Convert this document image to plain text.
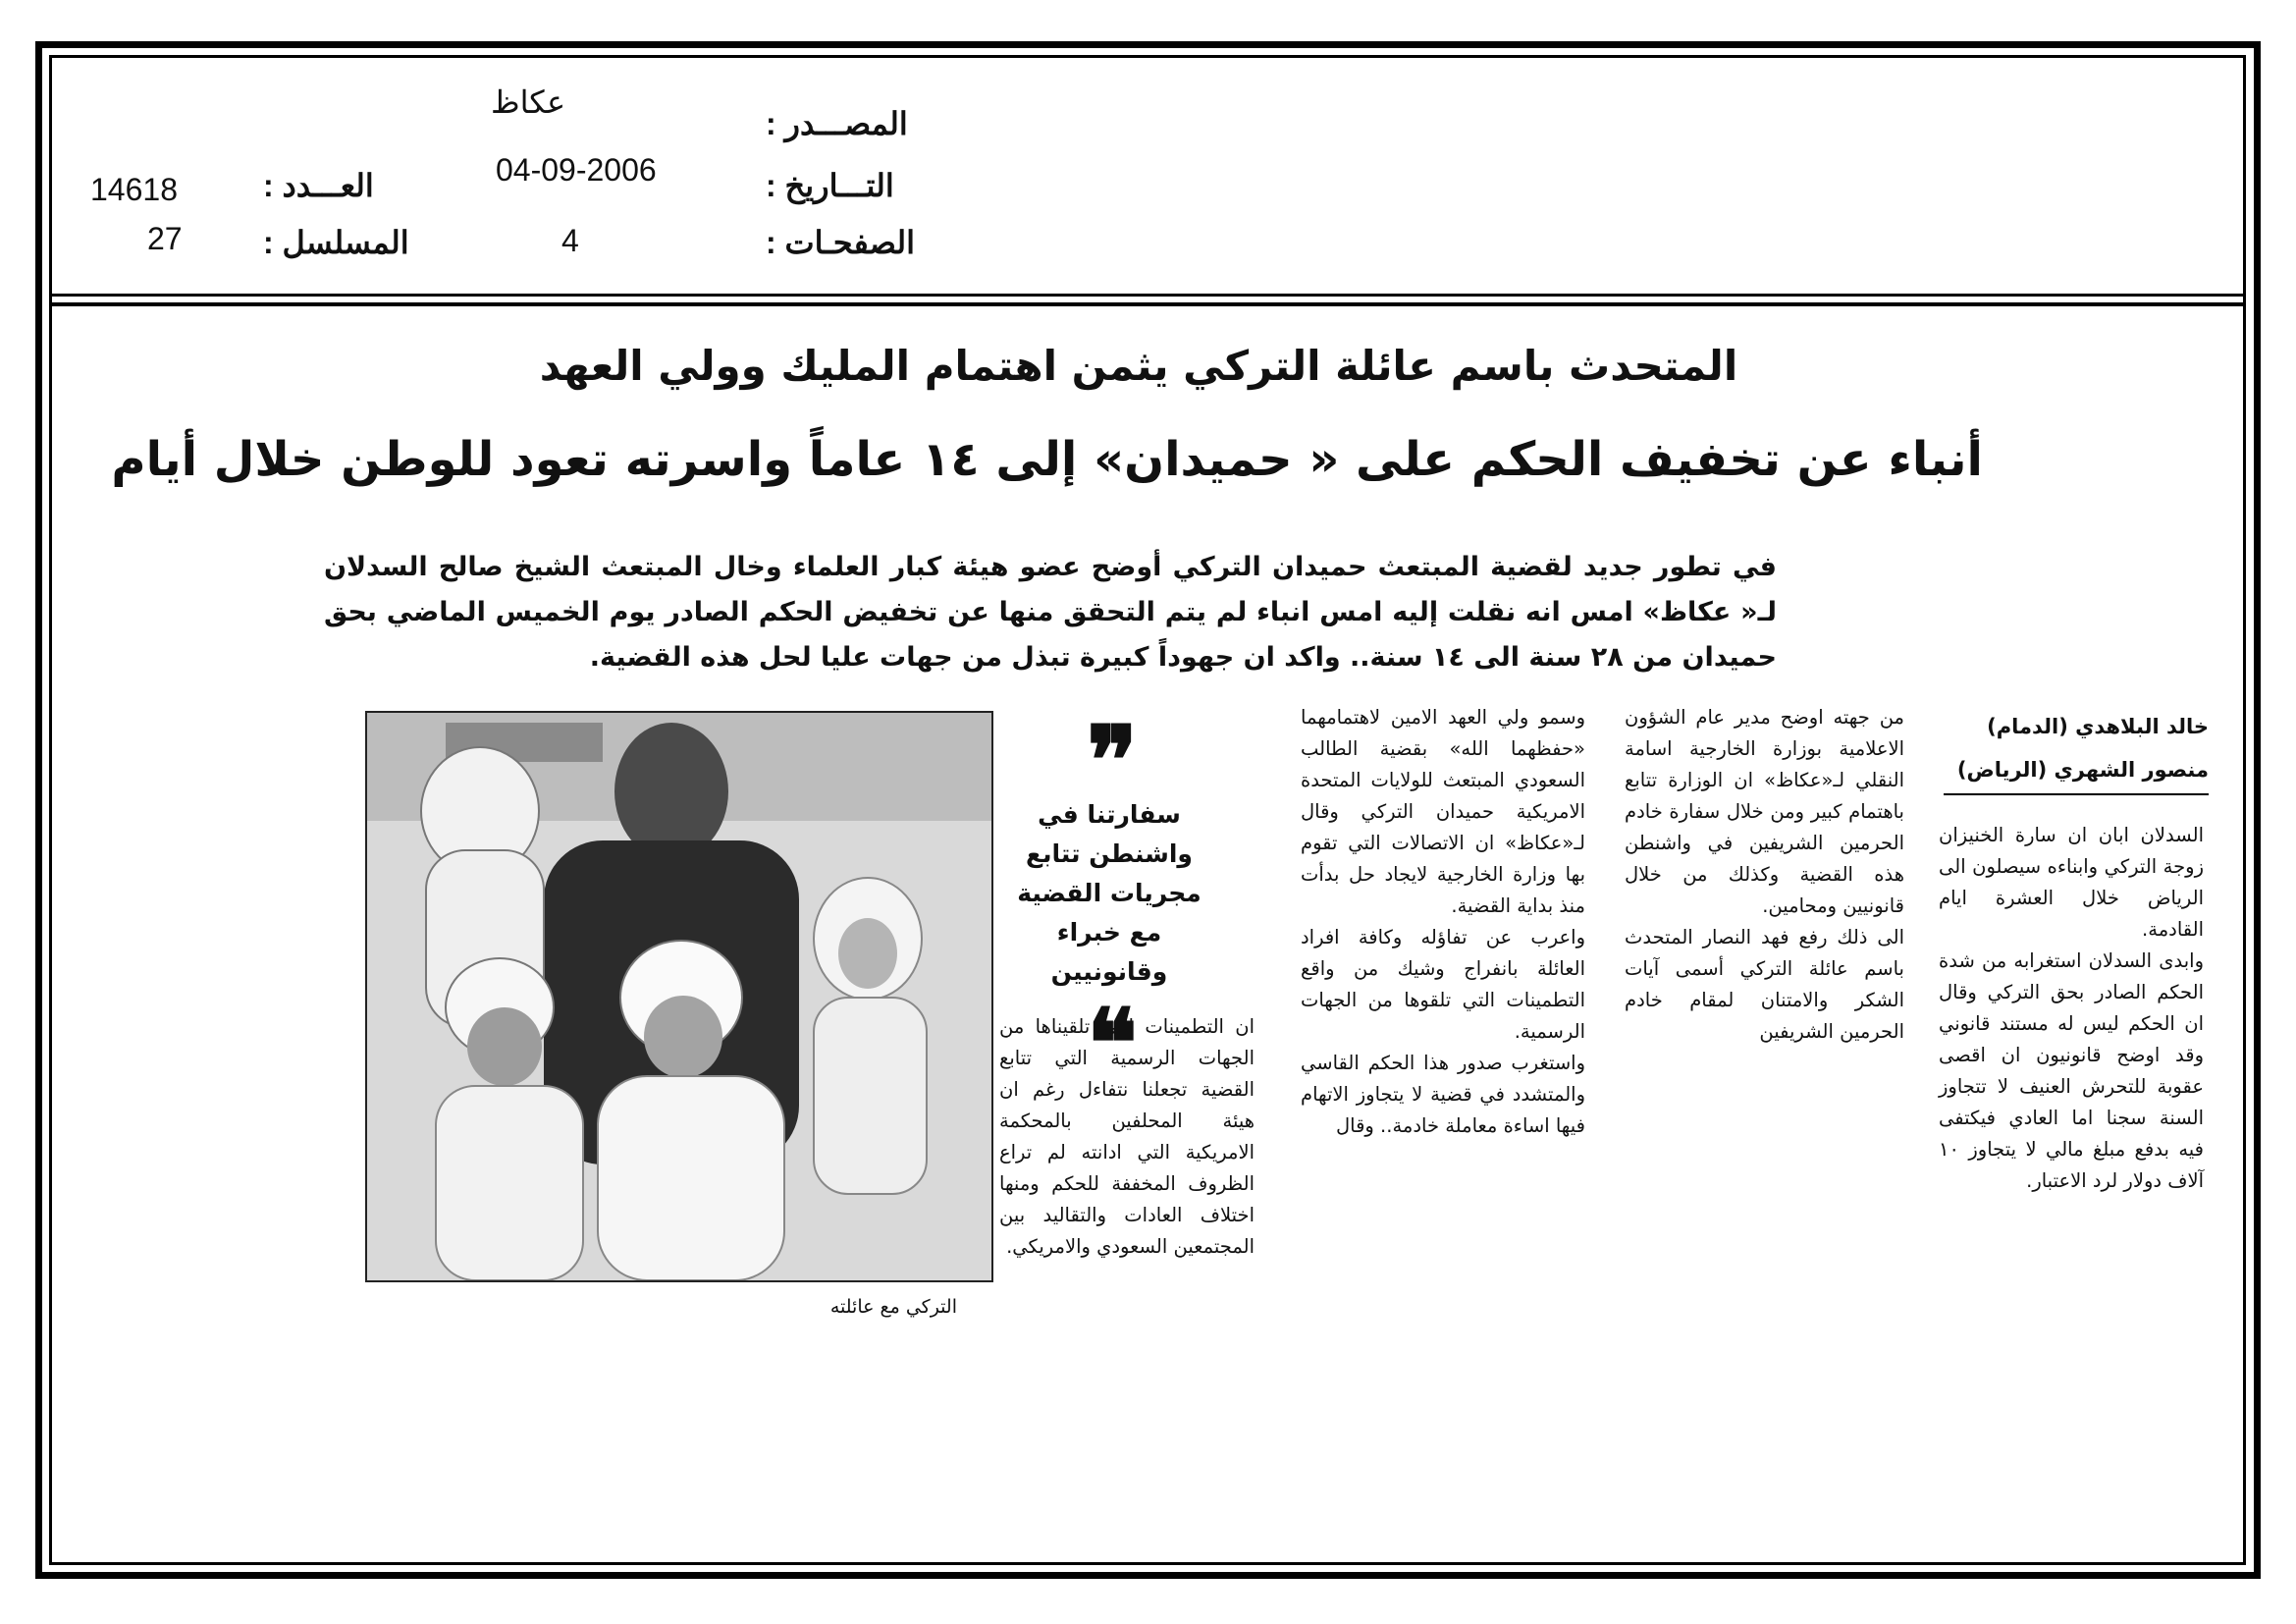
المصـــدر :
عكاظ
التـــاريخ :
04-09-2006
الصفحـات :
4
العـــدد :
14618
المسلسل :
27
المتحدث باسم عائلة التركي يثمن اهتمام المليك وولي العهد
أنباء عن تخفيف الحكم على « حميدان» إلى ١٤ عاماً واسرته تعود للوطن خلال أيام
في تطور جديد لقضية المبتعث حميدان التركي أوضح عضو هيئة كبار العلماء وخال المبتعث الشيخ صالح السدلان لـ« عكاظ» امس انه نقلت إليه امس انباء لم يتم التحقق منها عن تخفيض الحكم الصادر يوم الخميس الماضي بحق حميدان من ٢٨ سنة الى ١٤ سنة.. واكد ان جهوداً كبيرة تبذل من جهات عليا لحل هذه القضية.
خالد البلاهدي (الدمام)
منصور الشهري (الرياض)

السدلان ابان ان سارة الخنيزان زوجة التركي وابناءه سيصلون الى الرياض خلال العشرة ايام القادمة.

وابدى السدلان استغرابه من شدة الحكم الصادر بحق التركي وقال ان الحكم ليس له مستند قانوني وقد اوضح قانونيون ان اقصى عقوبة للتحرش العنيف لا تتجاوز السنة سجنا اما العادي فيكتفى فيه بدفع مبلغ مالي لا يتجاوز ١٠ آلاف دولار لرد الاعتبار.

من جهته اوضح مدير عام الشؤون الاعلامية بوزارة الخارجية اسامة النقلي لـ«عكاظ» ان الوزارة تتابع باهتمام كبير ومن خلال سفارة خادم الحرمين الشريفين في واشنطن هذه القضية وكذلك من خلال قانونيين ومحامين.

الى ذلك رفع فهد النصار المتحدث باسم عائلة التركي أسمى آيات الشكر والامتنان لمقام خادم الحرمين الشريفين

وسمو ولي العهد الامين لاهتمامهما «حفظهما الله» بقضية الطالب السعودي المبتعث للولايات المتحدة الامريكية حميدان التركي وقال لـ«عكاظ» ان الاتصالات التي تقوم بها وزارة الخارجية لايجاد حل بدأت منذ بداية القضية.

واعرب عن تفاؤله وكافة افراد العائلة بانفراج وشيك من واقع التطمينات التي تلقوها من الجهات الرسمية.

واستغرب صدور هذا الحكم القاسي والمتشدد في قضية لا يتجاوز الاتهام فيها اساءة معاملة خادمة.. وقال

ان التطمينات التي تلقيناها من الجهات الرسمية التي تتابع القضية تجعلنا نتفاءل رغم ان هيئة المحلفين بالمحكمة الامريكية التي ادانته لم تراع الظروف المخففة للحكم ومنها اختلاف العادات والتقاليد بين المجتمعين السعودي والامريكي.

❞
سفارتنا في واشنطن تتابع مجريات القضية مع خبراء وقانونيين
❝
التركي مع عائلته
